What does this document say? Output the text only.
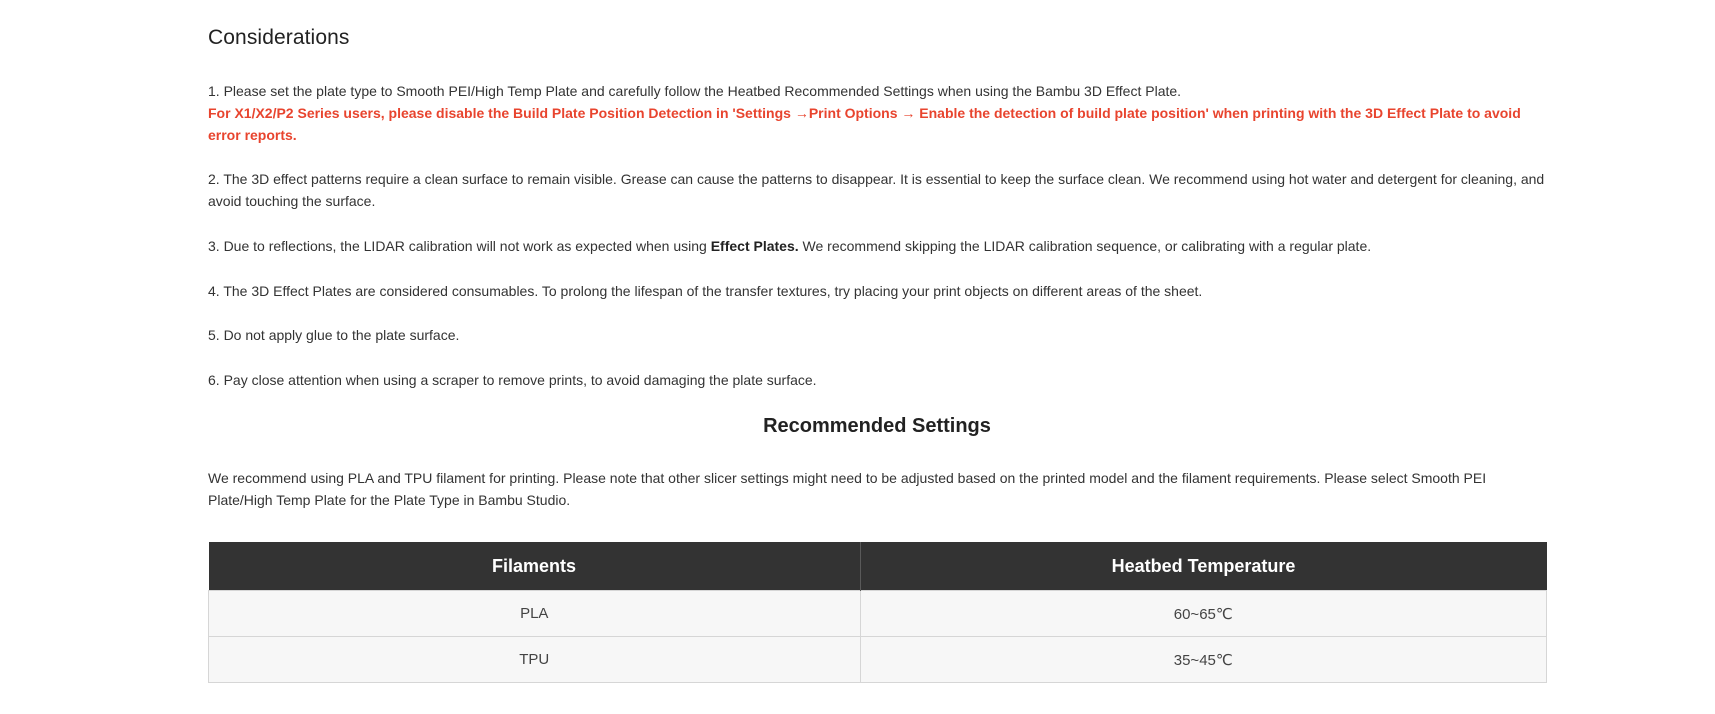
Considerations

1. Please set the plate type to Smooth PEI/High Temp Plate and carefully follow the Heatbed Recommended Settings when using the Bambu 3D Effect Plate.
For X1/X2/P2 Series users, please disable the Build Plate Position Detection in 'Settings →Print Options → Enable the detection of build plate position' when printing with the 3D Effect Plate to avoid error reports.

2. The 3D effect patterns require a clean surface to remain visible. Grease can cause the patterns to disappear. It is essential to keep the surface clean. We recommend using hot water and detergent for cleaning, and avoid touching the surface.

3. Due to reflections, the LIDAR calibration will not work as expected when using Effect Plates. We recommend skipping the LIDAR calibration sequence, or calibrating with a regular plate.

4. The 3D Effect Plates are considered consumables. To prolong the lifespan of the transfer textures, try placing your print objects on different areas of the sheet.

5. Do not apply glue to the plate surface.

6. Pay close attention when using a scraper to remove prints, to avoid damaging the plate surface.

Recommended Settings

We recommend using PLA and TPU filament for printing. Please note that other slicer settings might need to be adjusted based on the printed model and the filament requirements. Please select Smooth PEI Plate/High Temp Plate for the Plate Type in Bambu Studio.

Filaments	Heatbed Temperature
PLA	60~65℃
TPU	35~45℃
